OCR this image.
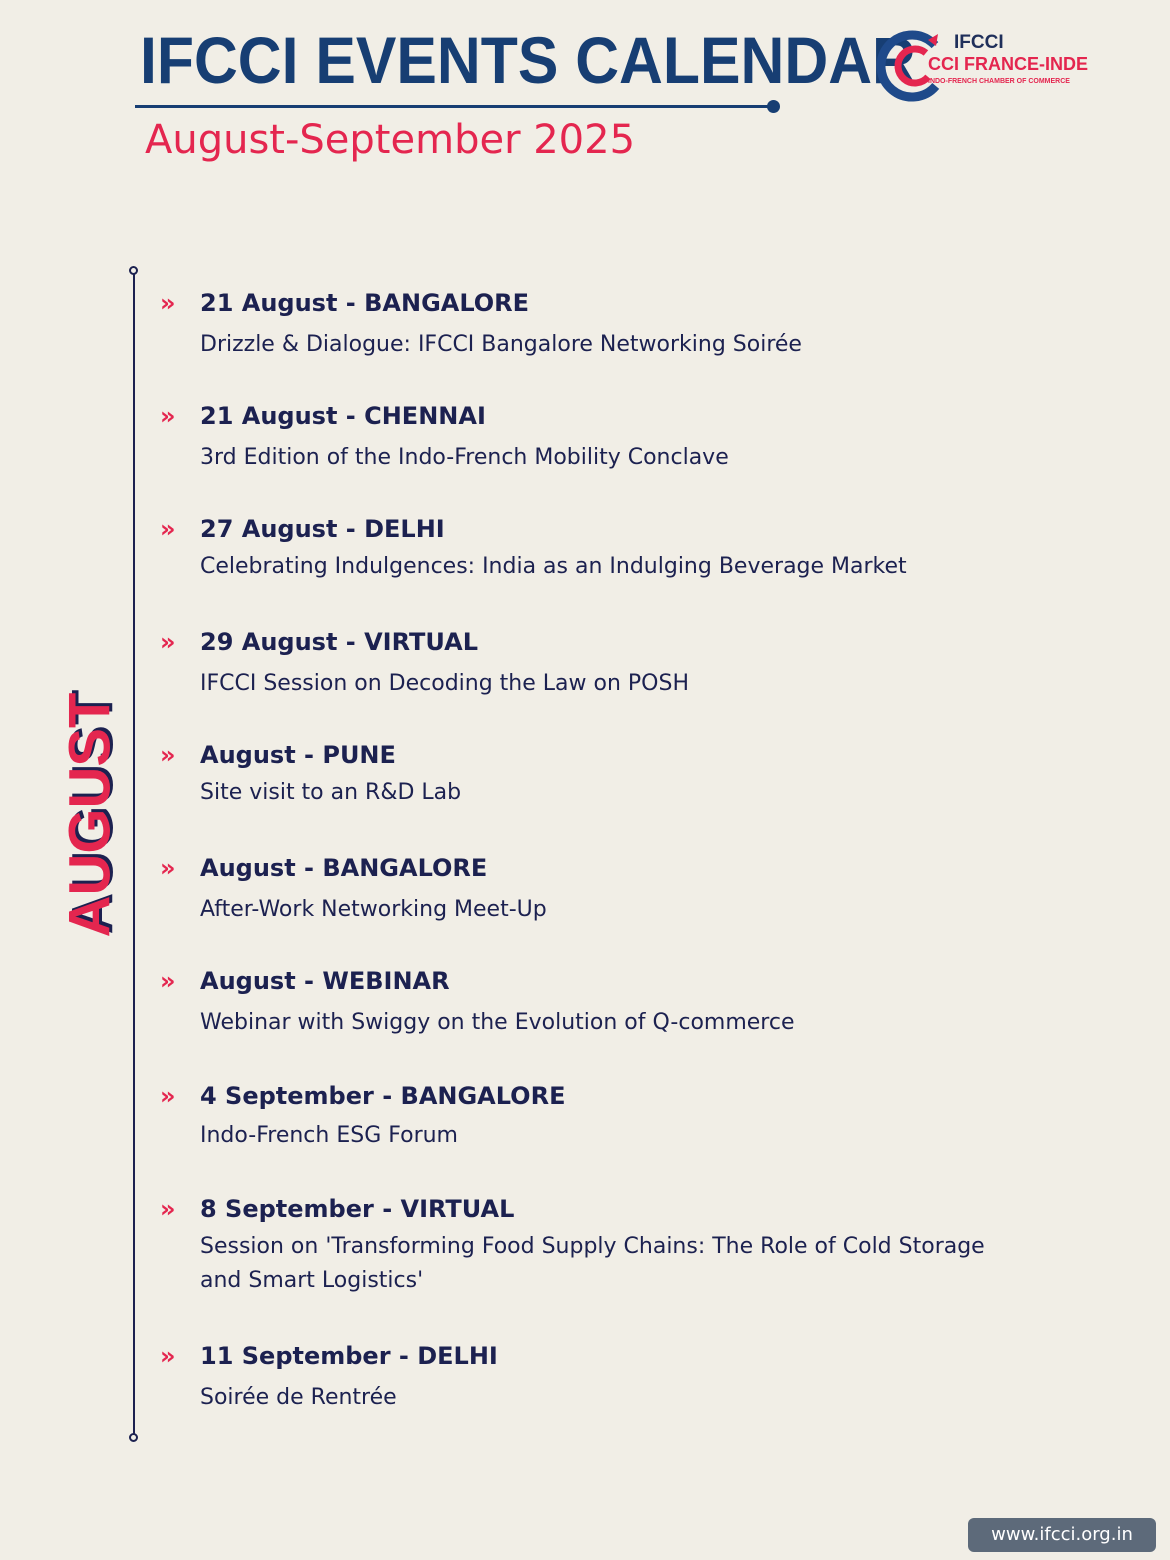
IFCCI EVENTS CALENDAR
August-September 2025
IFCCI
CCI FRANCE-INDE
INDO-FRENCH CHAMBER OF COMMERCE
AUGUST
» 21 August - BANGALORE
Drizzle & Dialogue: IFCCI Bangalore Networking Soirée
» 21 August - CHENNAI
3rd Edition of the Indo-French Mobility Conclave
» 27 August - DELHI
Celebrating Indulgences: India as an Indulging Beverage Market
» 29 August - VIRTUAL
IFCCI Session on Decoding the Law on POSH
» August - PUNE
Site visit to an R&D Lab
» August - BANGALORE
After-Work Networking Meet-Up
» August - WEBINAR
Webinar with Swiggy on the Evolution of Q-commerce
» 4 September - BANGALORE
Indo-French ESG Forum
» 8 September - VIRTUAL
Session on 'Transforming Food Supply Chains: The Role of Cold Storage and Smart Logistics'
» 11 September - DELHI
Soirée de Rentrée
www.ifcci.org.in
